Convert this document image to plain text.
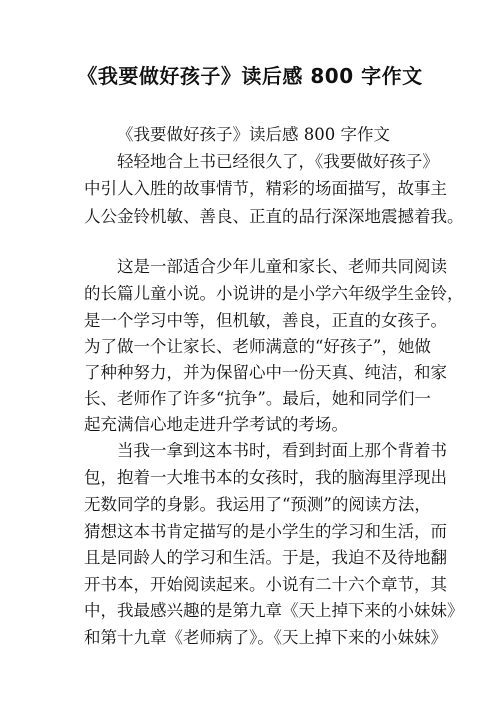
《我要做好孩子》读后感 800 字作文
《我要做好孩子》读后感 800 字作文
轻轻地合上书已经很久了，《我要做好孩子》
中引人入胜的故事情节，精彩的场面描写，故事主
人公金铃机敏、善良、正直的品行深深地震撼着我。
这是一部适合少年儿童和家长、老师共同阅读
的长篇儿童小说。小说讲的是小学六年级学生金铃，
是一个学习中等，但机敏，善良，正直的女孩子。
为了做一个让家长、老师满意的“好孩子”，她做
了种种努力，并为保留心中一份天真、纯洁，和家
长、老师作了许多“抗争”。最后，她和同学们一
起充满信心地走进升学考试的考场。
当我一拿到这本书时，看到封面上那个背着书
包，抱着一大堆书本的女孩时，我的脑海里浮现出
无数同学的身影。我运用了“预测”的阅读方法，
猜想这本书肯定描写的是小学生的学习和生活，而
且是同龄人的学习和生活。于是，我迫不及待地翻
开书本，开始阅读起来。小说有二十六个章节，其
中，我最感兴趣的是第九章《天上掉下来的小妹妹》
和第十九章《老师病了》。《天上掉下来的小妹妹》
